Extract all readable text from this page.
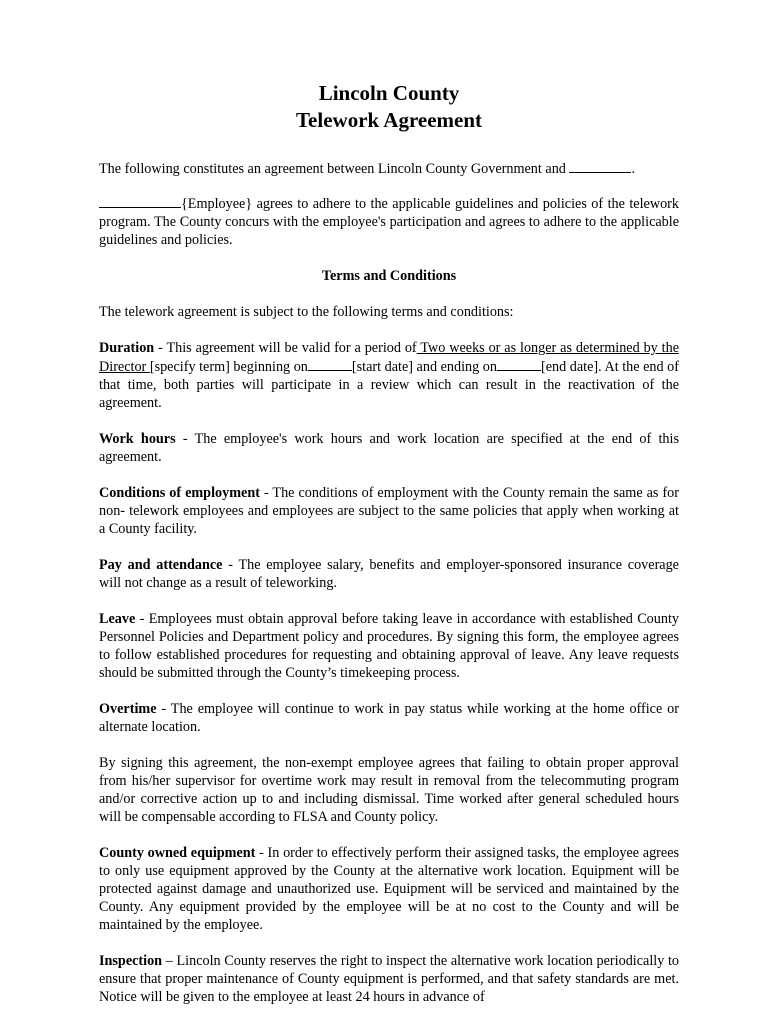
Lincoln County
Telework Agreement

The following constitutes an agreement between Lincoln County Government and	.

{Employee} agrees to adhere to the applicable guidelines and policies of the telework program. The County concurs with the employee's participation and agrees to adhere to the applicable guidelines and policies.

Terms and Conditions

The telework agreement is subject to the following terms and conditions:

Duration - This agreement will be valid for a period of Two weeks or as longer as determined by the Director [specify term] beginning on	[start date] and ending on	[end date]. At the end of that time, both parties will participate in a review which can result in the reactivation of the agreement.

Work hours - The employee's work hours and work location are specified at the end of this agreement.

Conditions of employment - The conditions of employment with the County remain the same as for non- telework employees and employees are subject to the same policies that apply when working at a County facility.

Pay and attendance - The employee salary, benefits and employer-sponsored insurance coverage will not change as a result of teleworking.

Leave - Employees must obtain approval before taking leave in accordance with established County Personnel Policies and Department policy and procedures. By signing this form, the employee agrees to follow established procedures for requesting and obtaining approval of leave. Any leave requests should be submitted through the County’s timekeeping process.

Overtime - The employee will continue to work in pay status while working at the home office or alternate location.

By signing this agreement, the non-exempt employee agrees that failing to obtain proper approval from his/her supervisor for overtime work may result in removal from the telecommuting program and/or corrective action up to and including dismissal. Time worked after general scheduled hours will be compensable according to FLSA and County policy.

County owned equipment - In order to effectively perform their assigned tasks, the employee agrees to only use equipment approved by the County at the alternative work location. Equipment will be protected against damage and unauthorized use. Equipment will be serviced and maintained by the County. Any equipment provided by the employee will be at no cost to the County and will be maintained by the employee.

Inspection – Lincoln County reserves the right to inspect the alternative work location periodically to ensure that proper maintenance of County equipment is performed, and that safety standards are met. Notice will be given to the employee at least 24 hours in advance of
